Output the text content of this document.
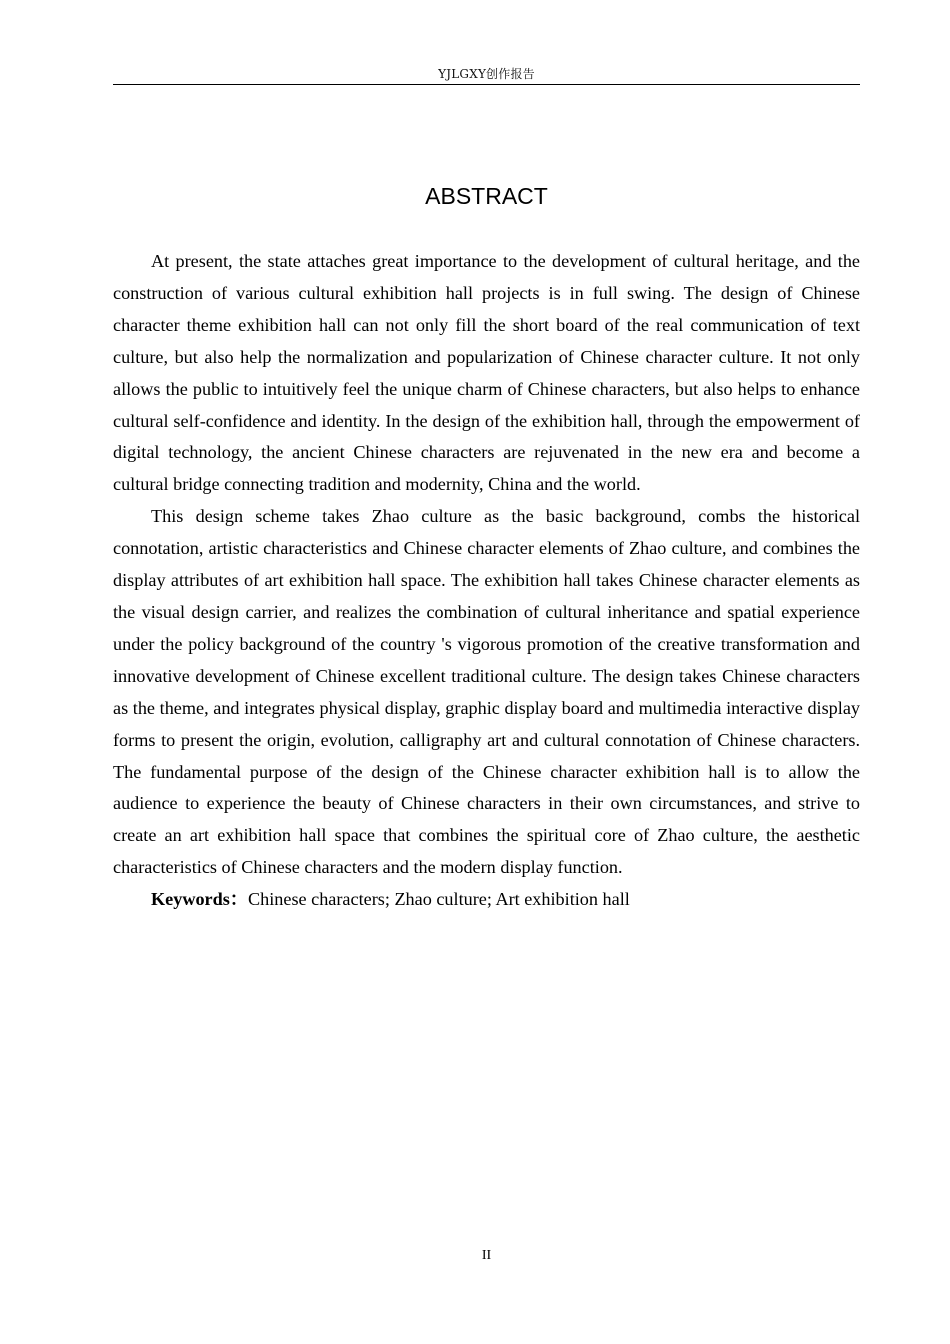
YJLGXY创作报告
ABSTRACT

At present, the state attaches great importance to the development of cultural heritage, and the construction of various cultural exhibition hall projects is in full swing. The design of Chinese character theme exhibition hall can not only fill the short board of the real communication of text culture, but also help the normalization and popularization of Chinese character culture. It not only allows the public to intuitively feel the unique charm of Chinese characters, but also helps to enhance cultural self-confidence and identity. In the design of the exhibition hall, through the empowerment of digital technology, the ancient Chinese characters are rejuvenated in the new era and become a cultural bridge connecting tradition and modernity, China and the world.

This design scheme takes Zhao culture as the basic background, combs the historical connotation, artistic characteristics and Chinese character elements of Zhao culture, and combines the display attributes of art exhibition hall space. The exhibition hall takes Chinese character elements as the visual design carrier, and realizes the combination of cultural inheritance and spatial experience under the policy background of the country 's vigorous promotion of the creative transformation and innovative development of Chinese excellent traditional culture. The design takes Chinese characters as the theme, and integrates physical display, graphic display board and multimedia interactive display forms to present the origin, evolution, calligraphy art and cultural connotation of Chinese characters. The fundamental purpose of the design of the Chinese character exhibition hall is to allow the audience to experience the beauty of Chinese characters in their own circumstances, and strive to create an art exhibition hall space that combines the spiritual core of Zhao culture, the aesthetic characteristics of Chinese characters and the modern display function.

Keywords：Chinese characters; Zhao culture; Art exhibition hall

II
